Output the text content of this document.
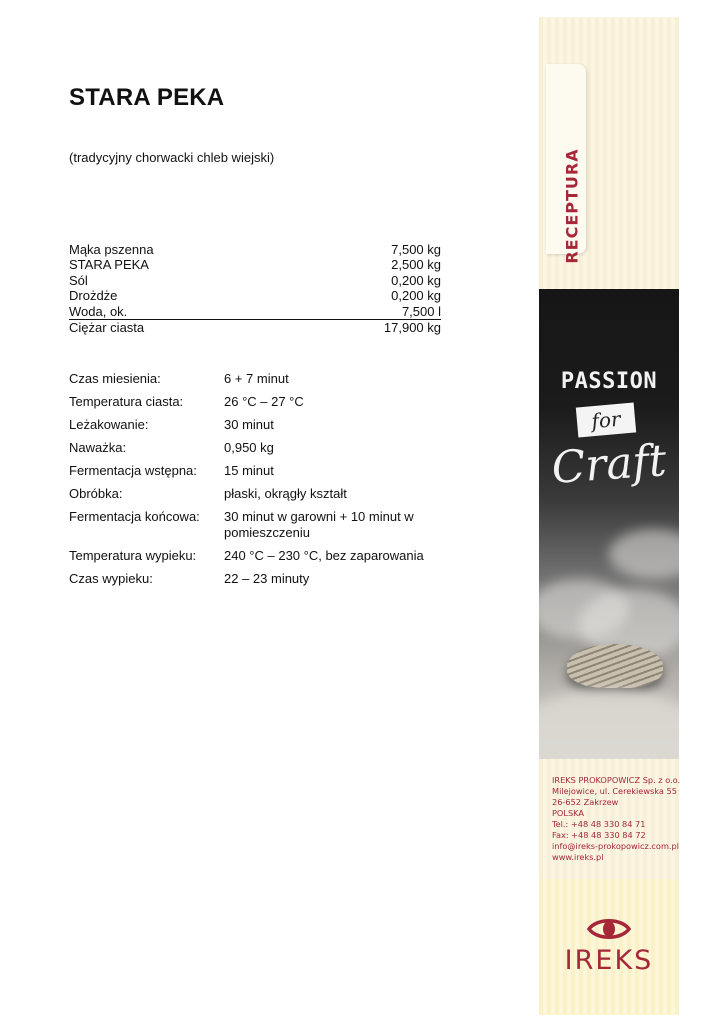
STARA PEKA
(tradycyjny chorwacki chleb wiejski)
Mąka pszenna	7,500 kg
STARA PEKA	2,500 kg
Sól	0,200 kg
Drożdże	0,200 kg
Woda, ok.	7,500 l
Ciężar ciasta	17,900 kg
Czas miesienia:	6 + 7 minut
Temperatura ciasta:	26 °C – 27 °C
Leżakowanie:	30 minut
Naważka:	0,950 kg
Fermentacja wstępna:	15 minut
Obróbka:	płaski, okrągły kształt
Fermentacja końcowa:	30 minut w garowni + 10 minut w pomieszczeniu
Temperatura wypieku:	240 °C – 230 °C, bez zaparowania
Czas wypieku:	22 – 23 minuty
RECEPTURA
PASSION
for
Craft
IREKS PROKOPOWICZ Sp. z o.o.
Milejowice, ul. Cerekiewska 55
26-652 Zakrzew
POLSKA
Tel.: +48 48 330 84 71
Fax: +48 48 330 84 72
info@ireks-prokopowicz.com.pl
www.ireks.pl
IREKS
